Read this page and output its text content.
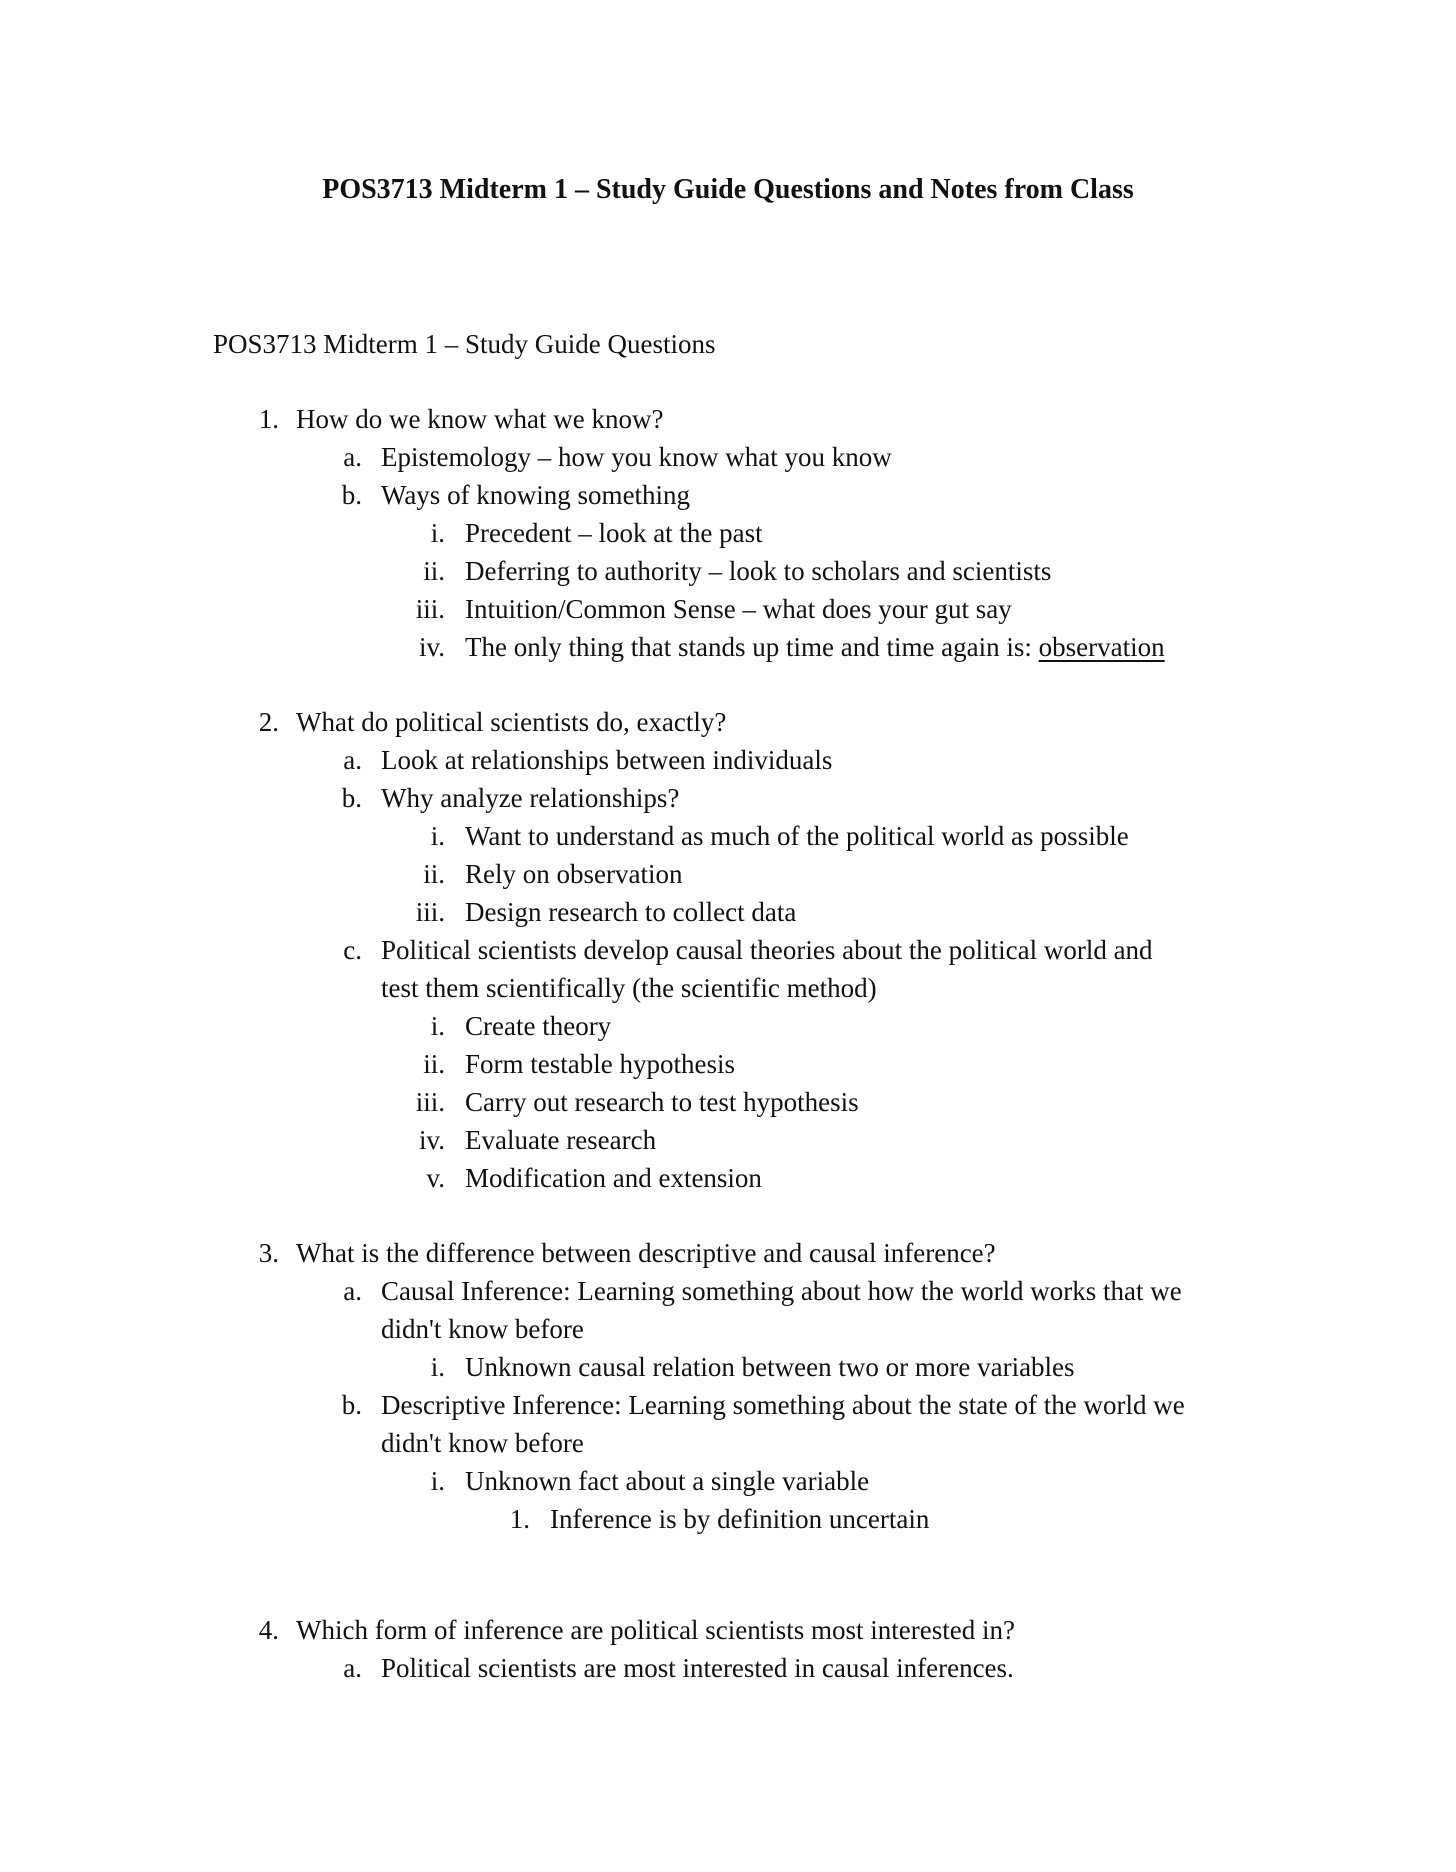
POS3713 Midterm 1 – Study Guide Questions and Notes from Class
POS3713 Midterm 1 – Study Guide Questions
1. How do we know what we know?
a. Epistemology – how you know what you know
b. Ways of knowing something
i. Precedent – look at the past
ii. Deferring to authority – look to scholars and scientists
iii. Intuition/Common Sense – what does your gut say
iv. The only thing that stands up time and time again is: observation
2. What do political scientists do, exactly?
a. Look at relationships between individuals
b. Why analyze relationships?
i. Want to understand as much of the political world as possible
ii. Rely on observation
iii. Design research to collect data
c. Political scientists develop causal theories about the political world and
test them scientifically (the scientific method)
i. Create theory
ii. Form testable hypothesis
iii. Carry out research to test hypothesis
iv. Evaluate research
v. Modification and extension
3. What is the difference between descriptive and causal inference?
a. Causal Inference: Learning something about how the world works that we
didn't know before
i. Unknown causal relation between two or more variables
b. Descriptive Inference: Learning something about the state of the world we
didn't know before
i. Unknown fact about a single variable
1. Inference is by definition uncertain
4. Which form of inference are political scientists most interested in?
a. Political scientists are most interested in causal inferences.
